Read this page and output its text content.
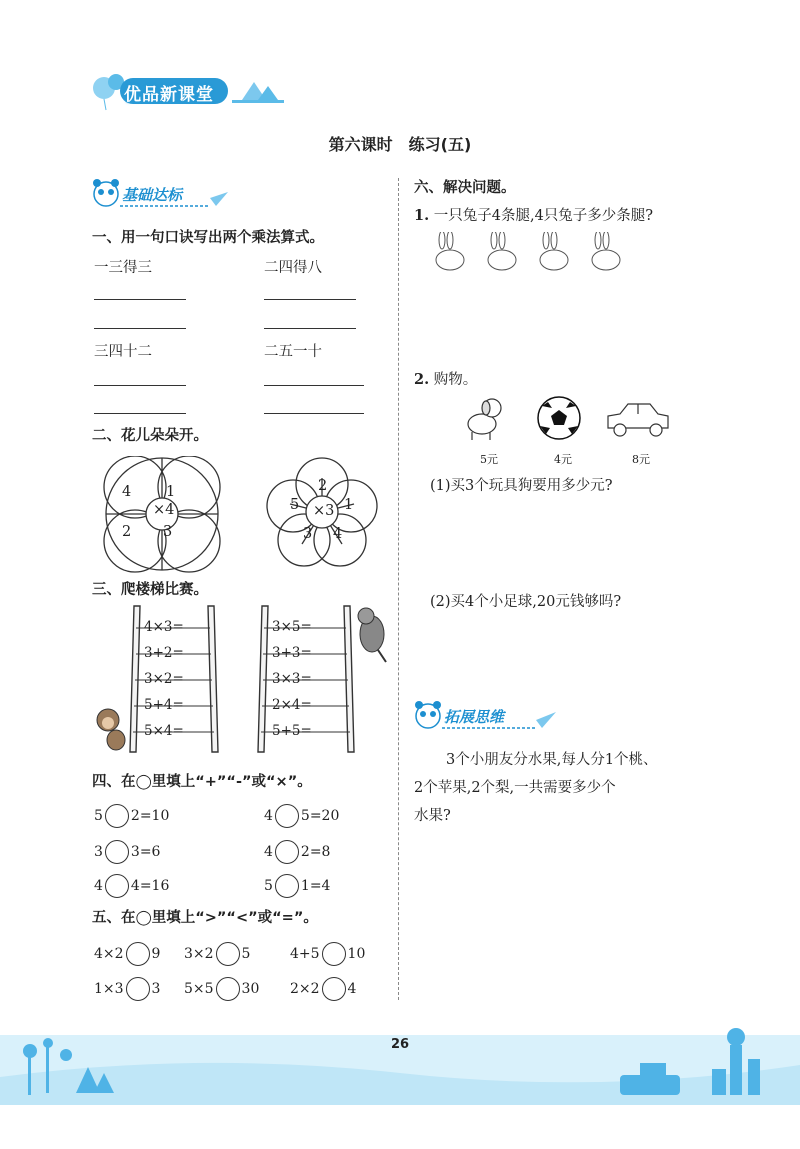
优品新课堂
第六课时　练习(五)
基础达标
一、用一句口诀写出两个乘法算式。
一三得三	二四得八
三四十二	二五一十
二、花儿朵朵开。
×4
4 1
2 3
×3
2
5	1
3 4
三、爬楼梯比赛。
4×3=
3+2=
3×2=
5+4=
5×4=
3×5=
3+3=
3×3=
2×4=
5+5=
四、在◯里填上“+”“-”或“×”。
5 2=10	4 5=20
3 3=6	4 2=8
4 4=16	5 1=4
五、在◯里填上“>”“<”或“=”。
4×2 9 3×2 5	4+5 10
1×3 3 5×5 30 2×2 4
六、解决问题。
1. 一只兔子4条腿,4只兔子多少条腿?
2. 购物。
5元	4元	8元
(1)买3个玩具狗要用多少元?
(2)买4个小足球,20元钱够吗?
拓展思维
3个小朋友分水果,每人分1个桃、
2个苹果,2个梨,一共需要多少个
水果?
26
